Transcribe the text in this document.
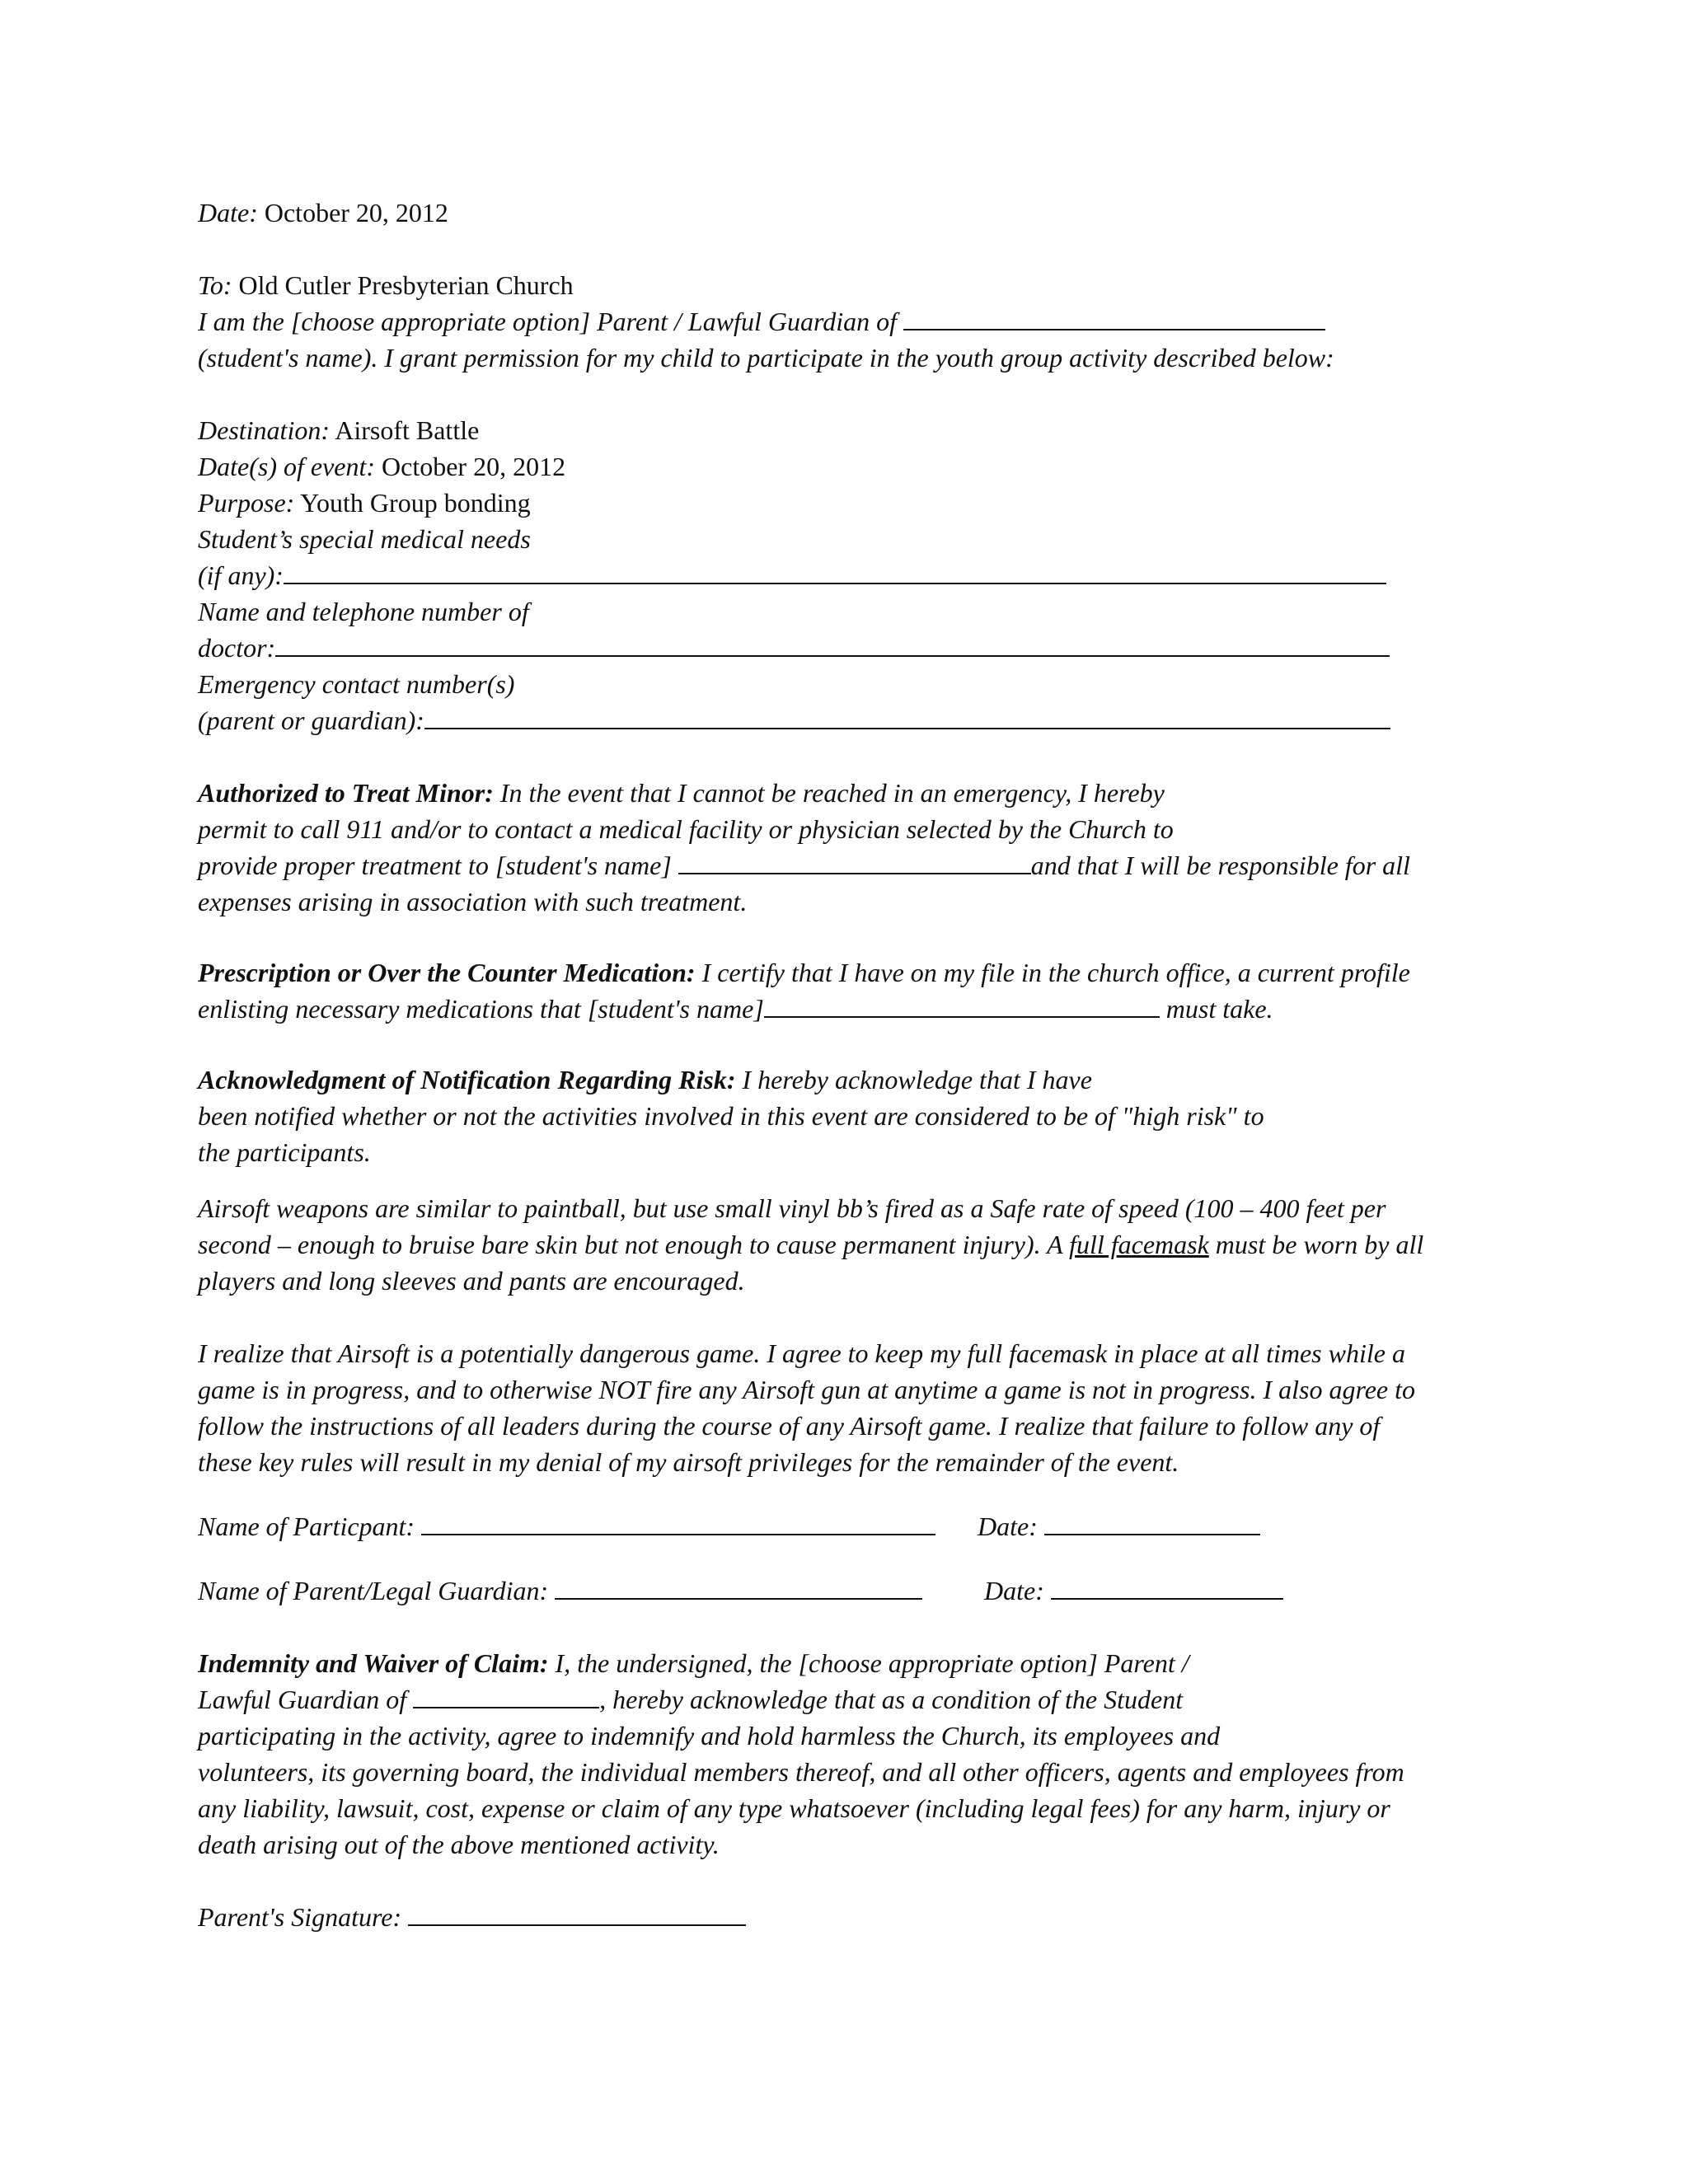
Date: October 20, 2012
To: Old Cutler Presbyterian Church
I am the [choose appropriate option] Parent / Lawful Guardian of
(student's name). I grant permission for my child to participate in the youth group activity described below:
Destination: Airsoft Battle
Date(s) of event: October 20, 2012
Purpose: Youth Group bonding
Student’s special medical needs
(if any):
Name and telephone number of
doctor:
Emergency contact number(s)
(parent or guardian):
Authorized to Treat Minor: In the event that I cannot be reached in an emergency, I hereby
permit to call 911 and/or to contact a medical facility or physician selected by the Church to
provide proper treatment to [student's name]	and that I will be responsible for all
expenses arising in association with such treatment.
Prescription or Over the Counter Medication: I certify that I have on my file in the church office, a current profile
enlisting necessary medications that [student's name]	must take.
Acknowledgment of Notification Regarding Risk: I hereby acknowledge that I have
been notified whether or not the activities involved in this event are considered to be of "high risk" to
the participants.
Airsoft weapons are similar to paintball, but use small vinyl bb’s fired as a Safe rate of speed (100 – 400 feet per
second – enough to bruise bare skin but not enough to cause permanent injury). A full facemask must be worn by all
players and long sleeves and pants are encouraged.
I realize that Airsoft is a potentially dangerous game. I agree to keep my full facemask in place at all times while a
game is in progress, and to otherwise NOT fire any Airsoft gun at anytime a game is not in progress. I also agree to
follow the instructions of all leaders during the course of any Airsoft game. I realize that failure to follow any of
these key rules will result in my denial of my airsoft privileges for the remainder of the event.
Name of Particpant:	Date:
Name of Parent/Legal Guardian:	Date:
Indemnity and Waiver of Claim: I, the undersigned, the [choose appropriate option] Parent /
Lawful Guardian of	, hereby acknowledge that as a condition of the Student
participating in the activity, agree to indemnify and hold harmless the Church, its employees and
volunteers, its governing board, the individual members thereof, and all other officers, agents and employees from
any liability, lawsuit, cost, expense or claim of any type whatsoever (including legal fees) for any harm, injury or
death arising out of the above mentioned activity.
Parent's Signature:
